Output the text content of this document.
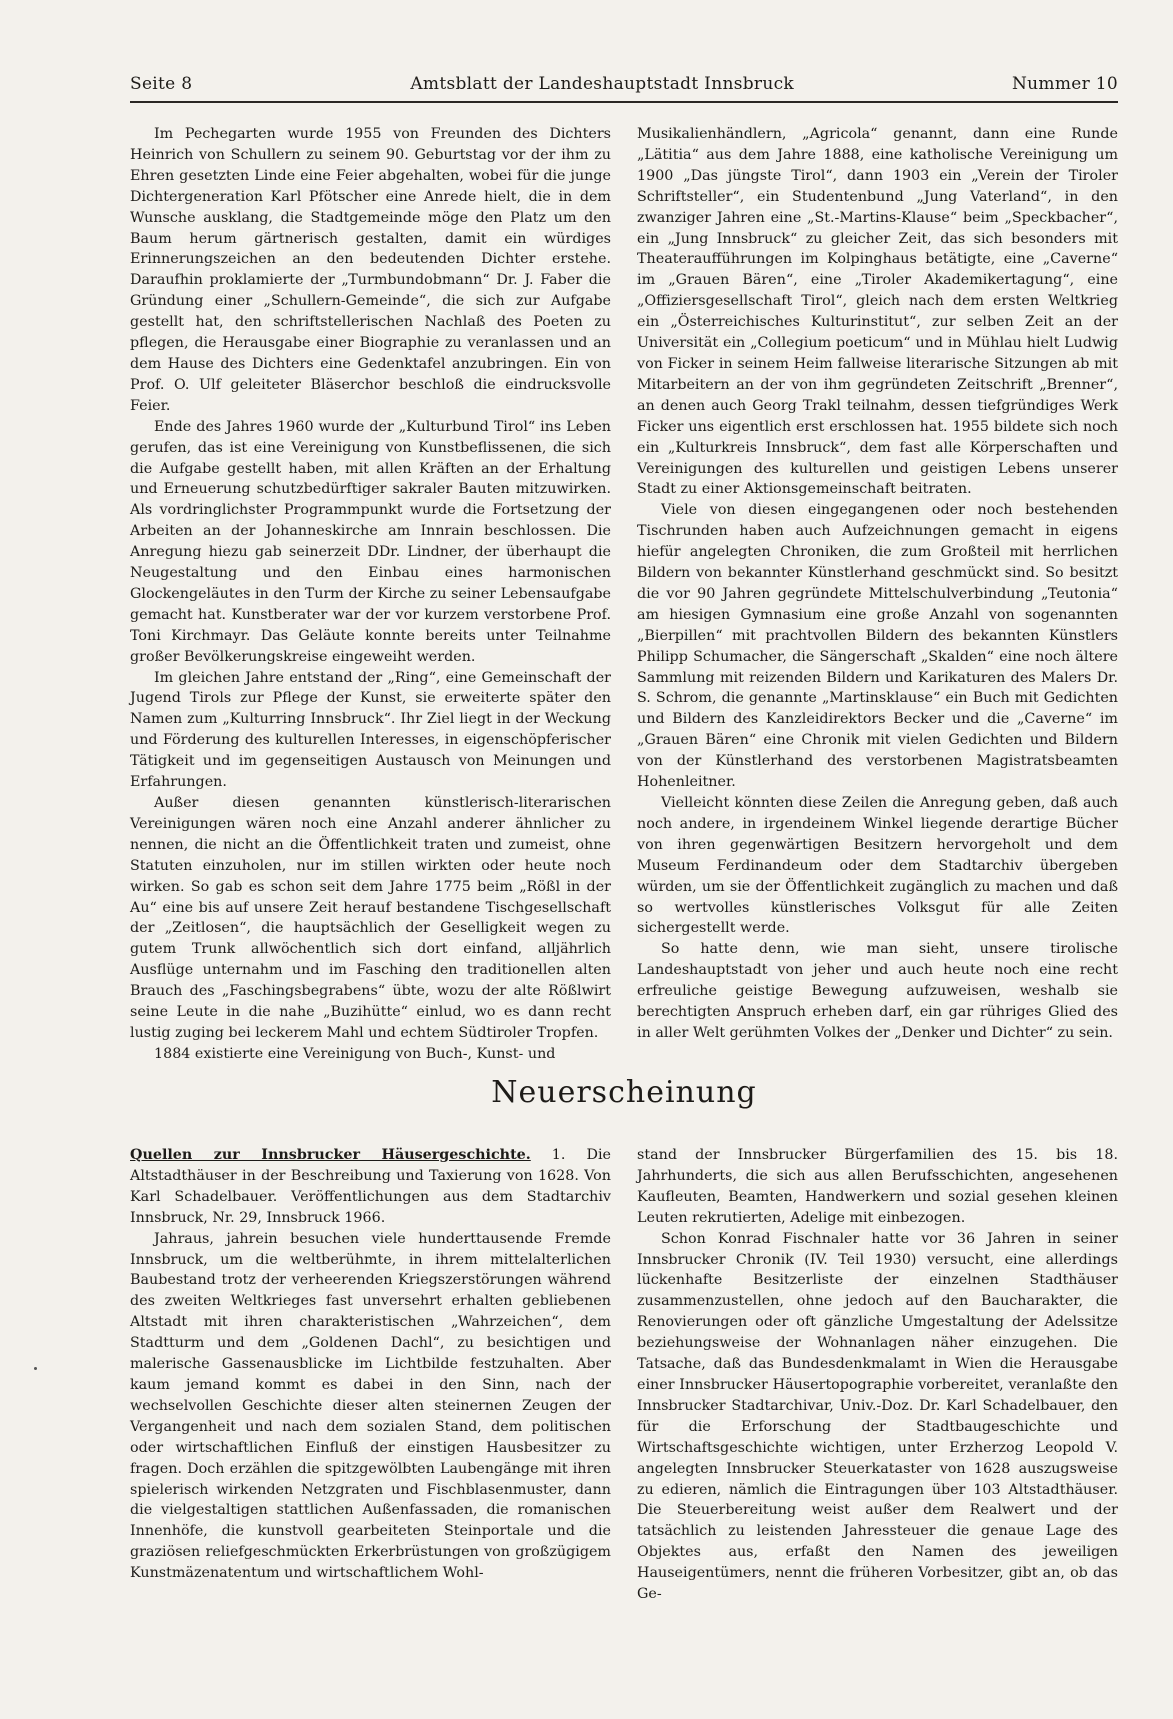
Seite 8	Amtsblatt der Landeshauptstadt Innsbruck	Nummer 10

Im Pechegarten wurde 1955 von Freunden des Dichters Heinrich von Schullern zu seinem 90. Geburtstag vor der ihm zu Ehren gesetzten Linde eine Feier abgehalten, wobei für die junge Dichtergeneration Karl Pfötscher eine Anrede hielt, die in dem Wunsche ausklang, die Stadtgemeinde möge den Platz um den Baum herum gärtnerisch gestalten, damit ein würdiges Erinnerungszeichen an den bedeutenden Dichter erstehe. Daraufhin proklamierte der „Turmbundobmann“ Dr. J. Faber die Gründung einer „Schullern-Gemeinde“, die sich zur Aufgabe gestellt hat, den schriftstellerischen Nachlaß des Poeten zu pflegen, die Herausgabe einer Biographie zu veranlassen und an dem Hause des Dichters eine Gedenktafel anzubringen. Ein von Prof. O. Ulf geleiteter Bläserchor beschloß die eindrucksvolle Feier.

Ende des Jahres 1960 wurde der „Kulturbund Tirol“ ins Leben gerufen, das ist eine Vereinigung von Kunstbeflissenen, die sich die Aufgabe gestellt haben, mit allen Kräften an der Erhaltung und Erneuerung schutzbedürftiger sakraler Bauten mitzuwirken. Als vordringlichster Programmpunkt wurde die Fortsetzung der Arbeiten an der Johanneskirche am Innrain beschlossen. Die Anregung hiezu gab seinerzeit DDr. Lindner, der überhaupt die Neugestaltung und den Einbau eines harmonischen Glockengeläutes in den Turm der Kirche zu seiner Lebensaufgabe gemacht hat. Kunstberater war der vor kurzem verstorbene Prof. Toni Kirchmayr. Das Geläute konnte bereits unter Teilnahme großer Bevölkerungskreise eingeweiht werden.

Im gleichen Jahre entstand der „Ring“, eine Gemeinschaft der Jugend Tirols zur Pflege der Kunst, sie erweiterte später den Namen zum „Kulturring Innsbruck“. Ihr Ziel liegt in der Weckung und Förderung des kulturellen Interesses, in eigenschöpferischer Tätigkeit und im gegenseitigen Austausch von Meinungen und Erfahrungen.

Außer diesen genannten künstlerisch-literarischen Vereinigungen wären noch eine Anzahl anderer ähnlicher zu nennen, die nicht an die Öffentlichkeit traten und zumeist, ohne Statuten einzuholen, nur im stillen wirkten oder heute noch wirken. So gab es schon seit dem Jahre 1775 beim „Rößl in der Au“ eine bis auf unsere Zeit herauf bestandene Tischgesellschaft der „Zeitlosen“, die hauptsächlich der Geselligkeit wegen zu gutem Trunk allwöchentlich sich dort einfand, alljährlich Ausflüge unternahm und im Fasching den traditionellen alten Brauch des „Faschingsbegrabens“ übte, wozu der alte Rößlwirt seine Leute in die nahe „Buzihütte“ einlud, wo es dann recht lustig zuging bei leckerem Mahl und echtem Südtiroler Tropfen.

1884 existierte eine Vereinigung von Buch-, Kunst- und

Musikalienhändlern, „Agricola“ genannt, dann eine Runde „Lätitia“ aus dem Jahre 1888, eine katholische Vereinigung um 1900 „Das jüngste Tirol“, dann 1903 ein „Verein der Tiroler Schriftsteller“, ein Studentenbund „Jung Vaterland“, in den zwanziger Jahren eine „St.-Martins-Klause“ beim „Speckbacher“, ein „Jung Innsbruck“ zu gleicher Zeit, das sich besonders mit Theateraufführungen im Kolpinghaus betätigte, eine „Caverne“ im „Grauen Bären“, eine „Tiroler Akademikertagung“, eine „Offiziersgesellschaft Tirol“, gleich nach dem ersten Weltkrieg ein „Österreichisches Kulturinstitut“, zur selben Zeit an der Universität ein „Collegium poeticum“ und in Mühlau hielt Ludwig von Ficker in seinem Heim fallweise literarische Sitzungen ab mit Mitarbeitern an der von ihm gegründeten Zeitschrift „Brenner“, an denen auch Georg Trakl teilnahm, dessen tiefgründiges Werk Ficker uns eigentlich erst erschlossen hat. 1955 bildete sich noch ein „Kulturkreis Innsbruck“, dem fast alle Körperschaften und Vereinigungen des kulturellen und geistigen Lebens unserer Stadt zu einer Aktionsgemeinschaft beitraten.

Viele von diesen eingegangenen oder noch bestehenden Tischrunden haben auch Aufzeichnungen gemacht in eigens hiefür angelegten Chroniken, die zum Großteil mit herrlichen Bildern von bekannter Künstlerhand geschmückt sind. So besitzt die vor 90 Jahren gegründete Mittelschulverbindung „Teutonia“ am hiesigen Gymnasium eine große Anzahl von sogenannten „Bierpillen“ mit prachtvollen Bildern des bekannten Künstlers Philipp Schumacher, die Sängerschaft „Skalden“ eine noch ältere Sammlung mit reizenden Bildern und Karikaturen des Malers Dr. S. Schrom, die genannte „Martinsklause“ ein Buch mit Gedichten und Bildern des Kanzleidirektors Becker und die „Caverne“ im „Grauen Bären“ eine Chronik mit vielen Gedichten und Bildern von der Künstlerhand des verstorbenen Magistratsbeamten Hohenleitner.

Vielleicht könnten diese Zeilen die Anregung geben, daß auch noch andere, in irgendeinem Winkel liegende derartige Bücher von ihren gegenwärtigen Besitzern hervorgeholt und dem Museum Ferdinandeum oder dem Stadtarchiv übergeben würden, um sie der Öffentlichkeit zugänglich zu machen und daß so wertvolles künstlerisches Volksgut für alle Zeiten sichergestellt werde.

So hatte denn, wie man sieht, unsere tirolische Landeshauptstadt von jeher und auch heute noch eine recht erfreuliche geistige Bewegung aufzuweisen, weshalb sie berechtigten Anspruch erheben darf, ein gar rühriges Glied des in aller Welt gerühmten Volkes der „Denker und Dichter“ zu sein.

Neuerscheinung

Quellen zur Innsbrucker Häusergeschichte. 1. Die Altstadthäuser in der Beschreibung und Taxierung von 1628. Von Karl Schadelbauer. Veröffentlichungen aus dem Stadtarchiv Innsbruck, Nr. 29, Innsbruck 1966.

Jahraus, jahrein besuchen viele hunderttausende Fremde Innsbruck, um die weltberühmte, in ihrem mittelalterlichen Baubestand trotz der verheerenden Kriegszerstörungen während des zweiten Weltkrieges fast unversehrt erhalten gebliebenen Altstadt mit ihren charakteristischen „Wahrzeichen“, dem Stadtturm und dem „Goldenen Dachl“, zu besichtigen und malerische Gassenausblicke im Lichtbilde festzuhalten. Aber kaum jemand kommt es dabei in den Sinn, nach der wechselvollen Geschichte dieser alten steinernen Zeugen der Vergangenheit und nach dem sozialen Stand, dem politischen oder wirtschaftlichen Einfluß der einstigen Hausbesitzer zu fragen. Doch erzählen die spitzgewölbten Laubengänge mit ihren spielerisch wirkenden Netzgraten und Fischblasenmuster, dann die vielgestaltigen stattlichen Außenfassaden, die romanischen Innenhöfe, die kunstvoll gearbeiteten Steinportale und die graziösen reliefgeschmückten Erkerbrüstungen von großzügigem Kunstmäzenatentum und wirtschaftlichem Wohl-

stand der Innsbrucker Bürgerfamilien des 15. bis 18. Jahrhunderts, die sich aus allen Berufsschichten, angesehenen Kaufleuten, Beamten, Handwerkern und sozial gesehen kleinen Leuten rekrutierten, Adelige mit einbezogen.

Schon Konrad Fischnaler hatte vor 36 Jahren in seiner Innsbrucker Chronik (IV. Teil 1930) versucht, eine allerdings lückenhafte Besitzerliste der einzelnen Stadthäuser zusammenzustellen, ohne jedoch auf den Baucharakter, die Renovierungen oder oft gänzliche Umgestaltung der Adelssitze beziehungsweise der Wohnanlagen näher einzugehen. Die Tatsache, daß das Bundesdenkmalamt in Wien die Herausgabe einer Innsbrucker Häusertopographie vorbereitet, veranlaßte den Innsbrucker Stadtarchivar, Univ.-Doz. Dr. Karl Schadelbauer, den für die Erforschung der Stadtbaugeschichte und Wirtschaftsgeschichte wichtigen, unter Erzherzog Leopold V. angelegten Innsbrucker Steuerkataster von 1628 auszugsweise zu edieren, nämlich die Eintragungen über 103 Altstadthäuser. Die Steuerbereitung weist außer dem Realwert und der tatsächlich zu leistenden Jahressteuer die genaue Lage des Objektes aus, erfaßt den Namen des jeweiligen Hauseigentümers, nennt die früheren Vorbesitzer, gibt an, ob das Ge-
